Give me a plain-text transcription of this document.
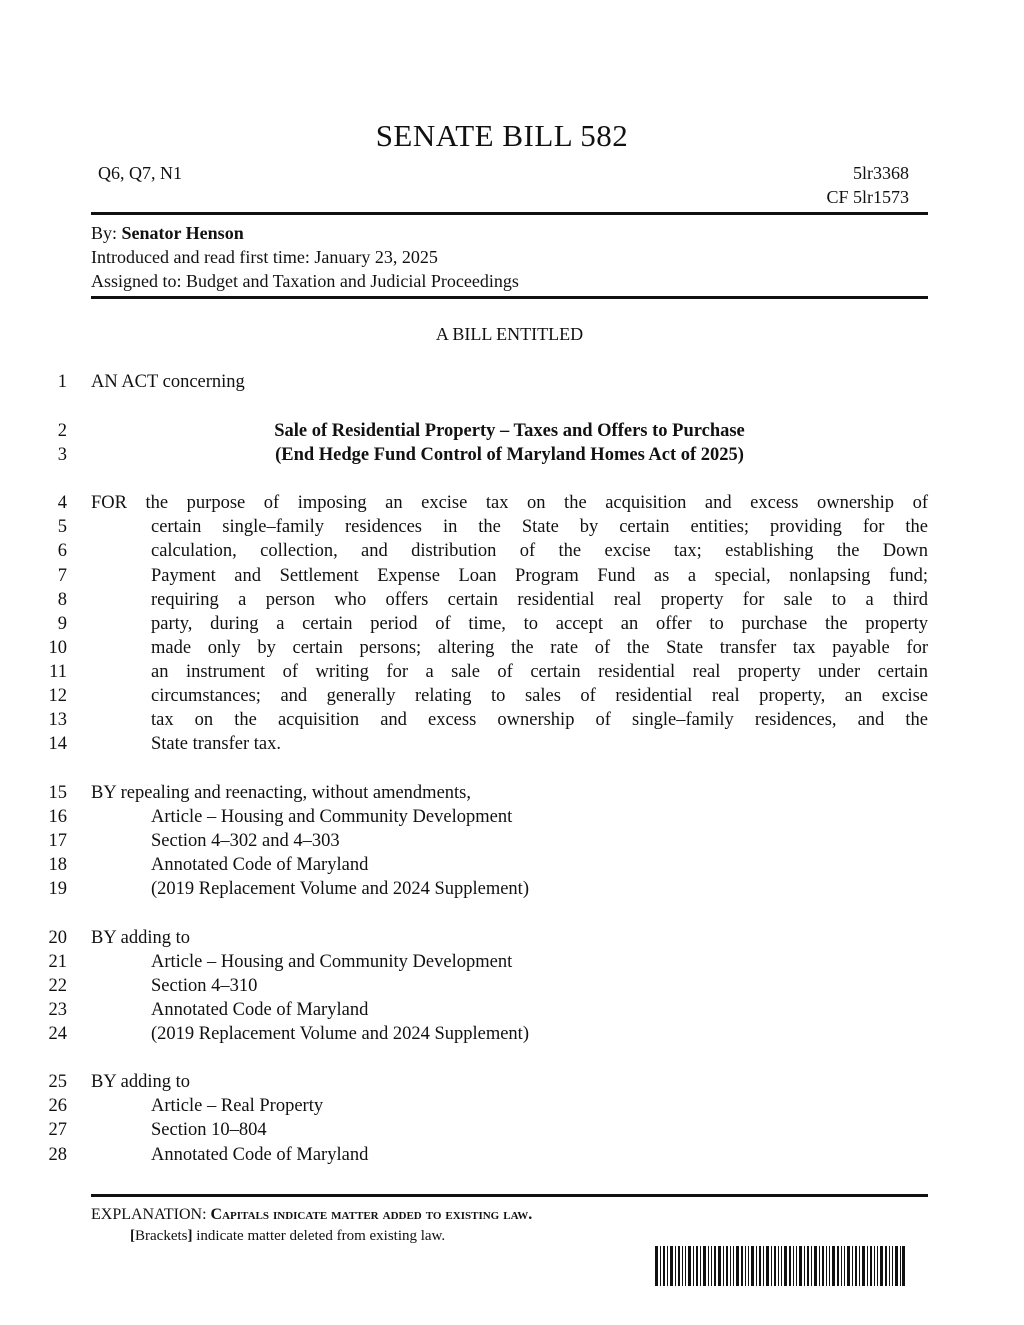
SENATE BILL 582
Q6, Q7, N1	5lr3368
CF 5lr1573
By: Senator Henson
Introduced and read first time: January 23, 2025
Assigned to: Budget and Taxation and Judicial Proceedings
A BILL ENTITLED
1 AN ACT concerning
2	Sale of Residential Property – Taxes and Offers to Purchase
3	(End Hedge Fund Control of Maryland Homes Act of 2025)
4 FOR the purpose of imposing an excise tax on the acquisition and excess ownership of
5	certain single–family residences in the State by certain entities; providing for the
6	calculation, collection, and distribution of the excise tax; establishing the Down
7	Payment and Settlement Expense Loan Program Fund as a special, nonlapsing fund;
8	requiring a person who offers certain residential real property for sale to a third
9	party, during a certain period of time, to accept an offer to purchase the property
10	made only by certain persons; altering the rate of the State transfer tax payable for
11	an instrument of writing for a sale of certain residential real property under certain
12	circumstances; and generally relating to sales of residential real property, an excise
13	tax on the acquisition and excess ownership of single–family residences, and the
14	State transfer tax.
15 BY repealing and reenacting, without amendments,
16	Article – Housing and Community Development
17	Section 4–302 and 4–303
18	Annotated Code of Maryland
19	(2019 Replacement Volume and 2024 Supplement)
20 BY adding to
21	Article – Housing and Community Development
22	Section 4–310
23	Annotated Code of Maryland
24	(2019 Replacement Volume and 2024 Supplement)
25 BY adding to
26	Article – Real Property
27	Section 10–804
28	Annotated Code of Maryland
EXPLANATION: Capitals indicate matter added to existing law.
[Brackets] indicate matter deleted from existing law.
